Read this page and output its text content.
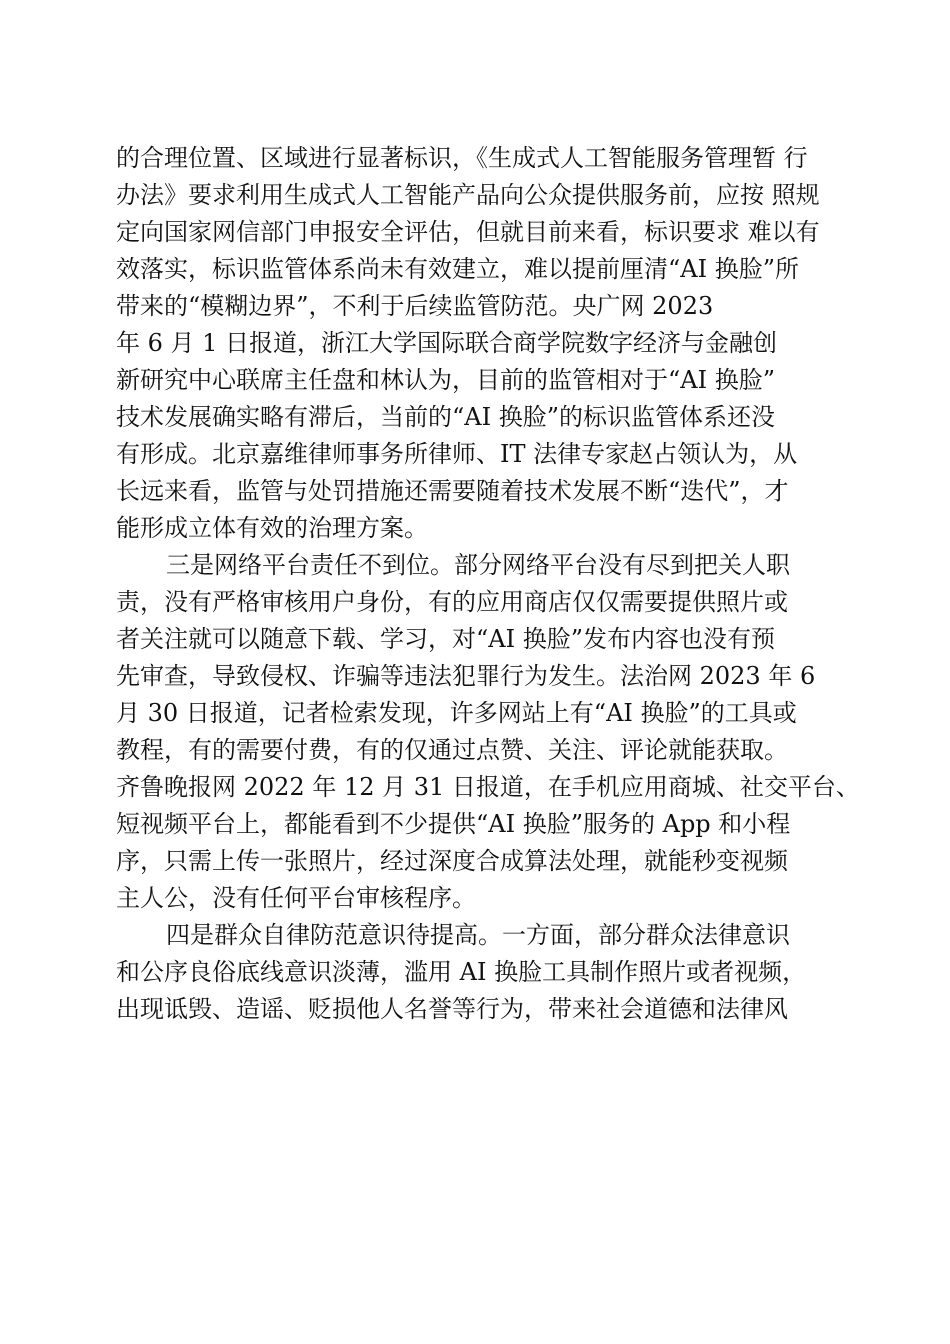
的合理位置、区域进行显著标识，《生成式人工智能服务管理暂 行
办法》要求利用生成式人工智能产品向公众提供服务前，应按 照规
定向国家网信部门申报安全评估，但就目前来看，标识要求 难以有
效落实，标识监管体系尚未有效建立，难以提前厘清“AI 换脸”所
带来的“模糊边界”，不利于后续监管防范。央广网 2023
年 6 月 1 日报道，浙江大学国际联合商学院数字经济与金融创
新研究中心联席主任盘和林认为，目前的监管相对于“AI 换脸”
技术发展确实略有滞后，当前的“AI 换脸”的标识监管体系还没
有形成。北京嘉维律师事务所律师、IT 法律专家赵占领认为，从
长远来看，监管与处罚措施还需要随着技术发展不断“迭代”，才
能形成立体有效的治理方案。
三是网络平台责任不到位。部分网络平台没有尽到把关人职
责，没有严格审核用户身份，有的应用商店仅仅需要提供照片或
者关注就可以随意下载、学习，对“AI 换脸”发布内容也没有预
先审查，导致侵权、诈骗等违法犯罪行为发生。法治网 2023 年 6
月 30 日报道，记者检索发现，许多网站上有“AI 换脸”的工具或
教程，有的需要付费，有的仅通过点赞、关注、评论就能获取。
齐鲁晚报网 2022 年 12 月 31 日报道，在手机应用商城、社交平台、
短视频平台上，都能看到不少提供“AI 换脸”服务的 App 和小程
序，只需上传一张照片，经过深度合成算法处理，就能秒变视频
主人公，没有任何平台审核程序。
四是群众自律防范意识待提高。一方面，部分群众法律意识
和公序良俗底线意识淡薄，滥用 AI 换脸工具制作照片或者视频，
出现诋毁、造谣、贬损他人名誉等行为，带来社会道德和法律风
